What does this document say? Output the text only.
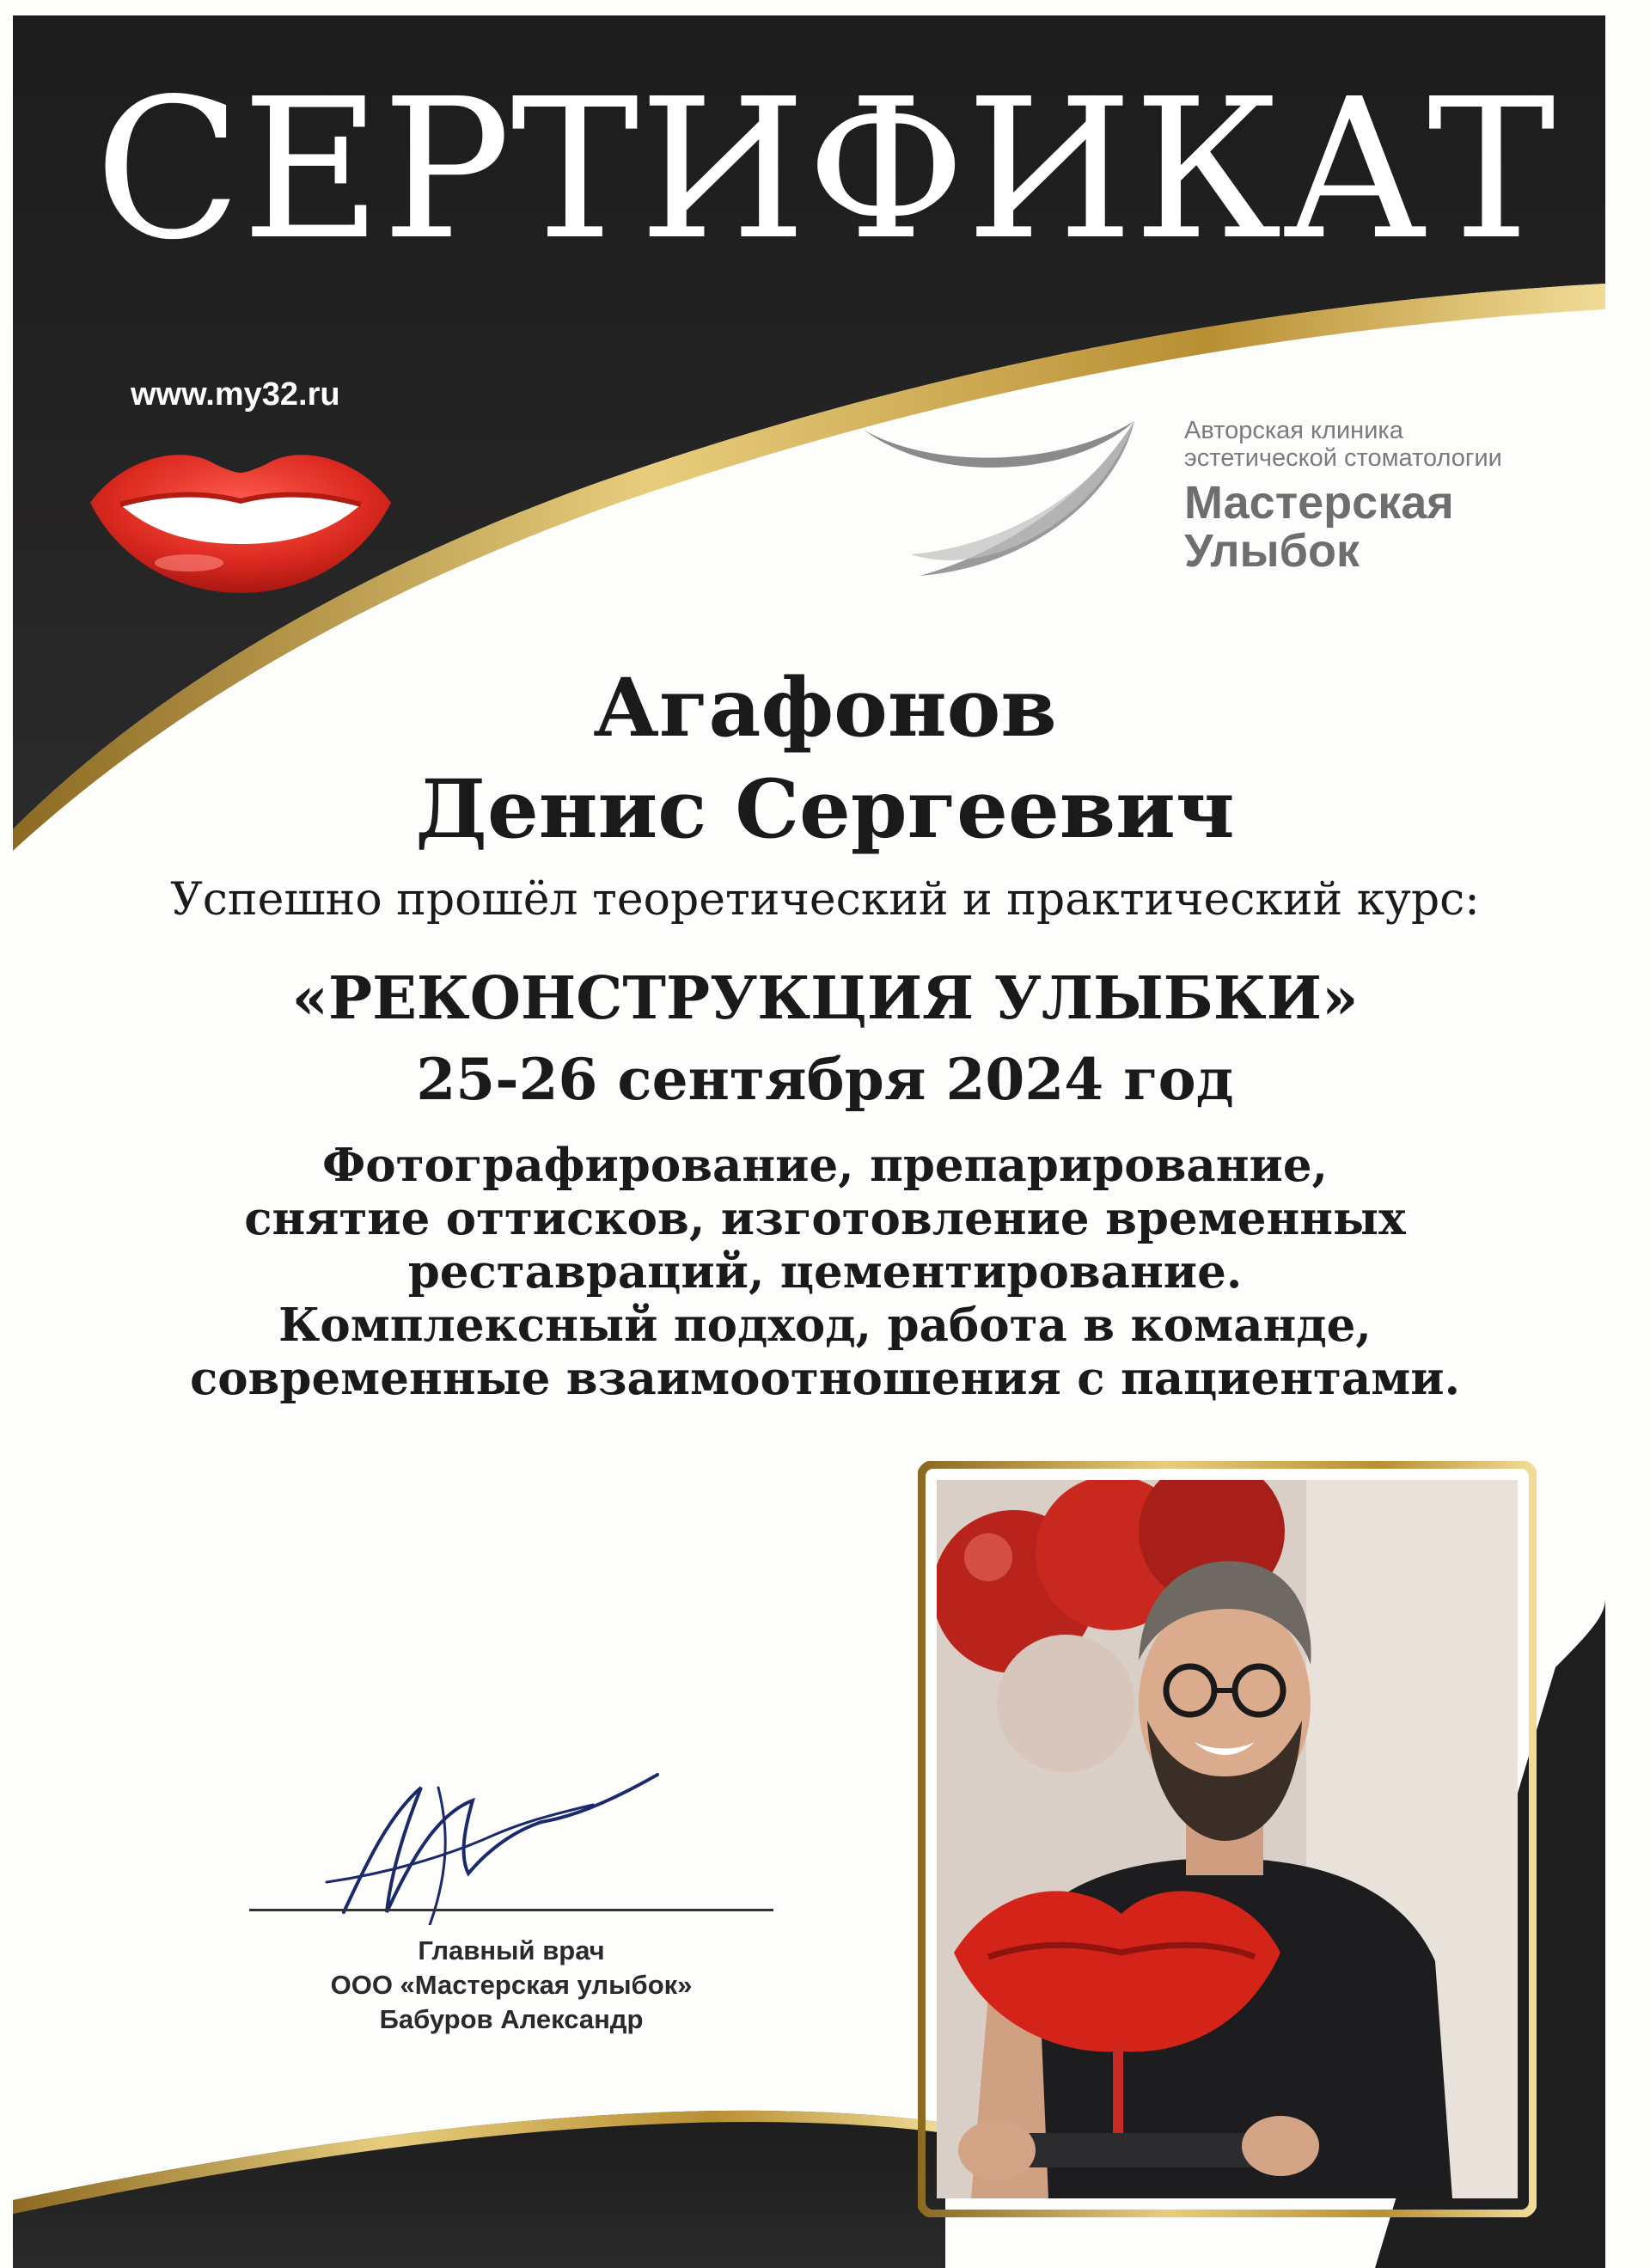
СЕРТИФИКАТ
www.my32.ru
Авторская клиника
эстетической стоматологии
Мастерская
Улыбок
Агафонов
Денис Сергеевич
Успешно прошёл теоретический и практический курс:
«РЕКОНСТРУКЦИЯ УЛЫБКИ»
25-26 сентября 2024 год
Фотографирование, препарирование,
снятие оттисков, изготовление временных
реставраций, цементирование.
Комплексный подход, работа в команде,
современные взаимоотношения с пациентами.
Главный врач
ООО «Мастерская улыбок»
Бабуров Александр
